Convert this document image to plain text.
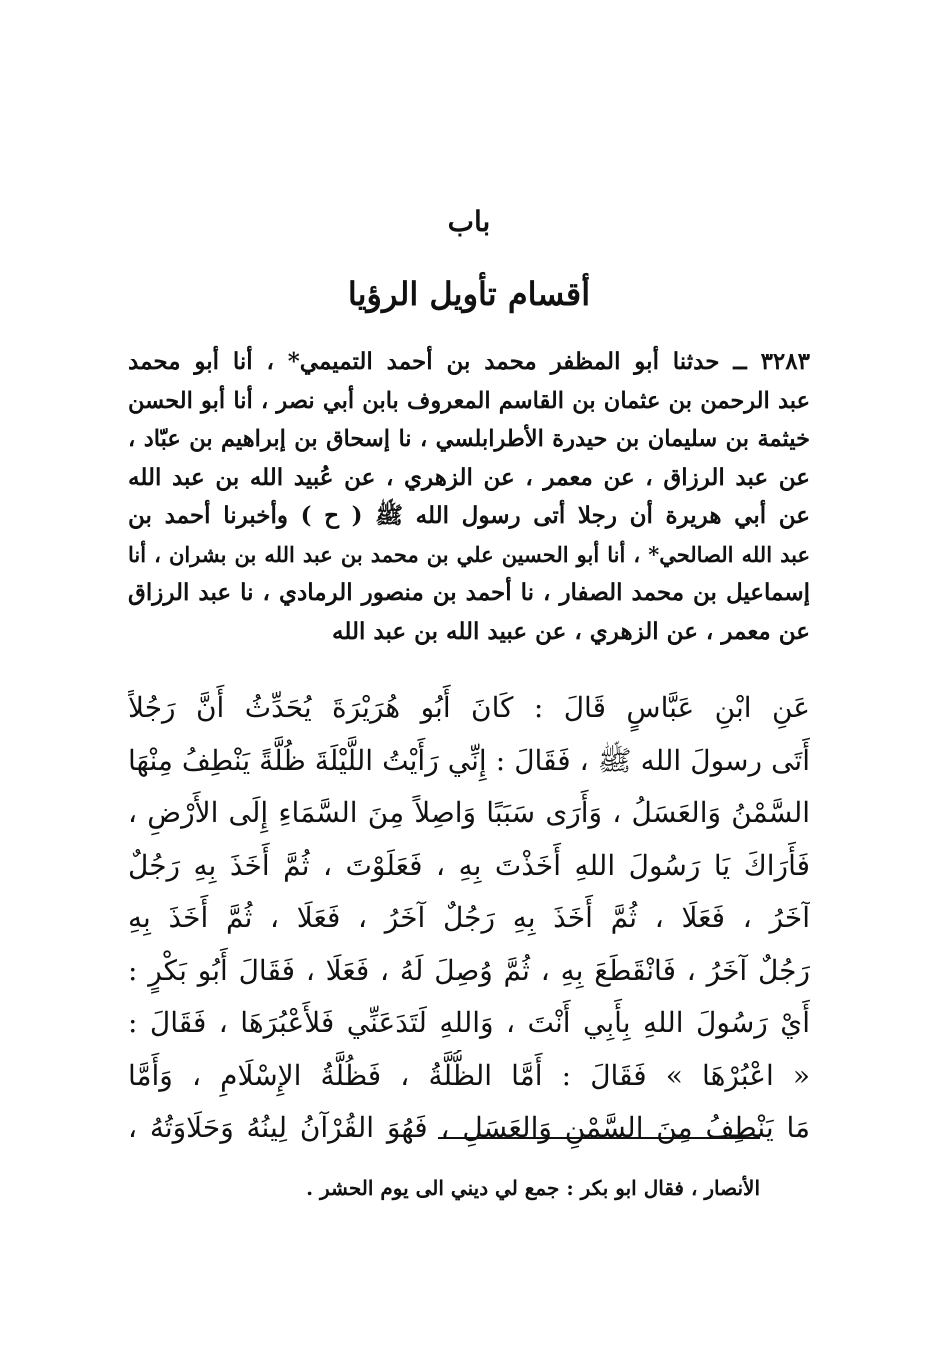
باب
أقسام تأويل الرؤيا
٣٢٨٣ ــ حدثنا أبو المظفر محمد بن أحمد التميمي* ، أنا أبو محمد
عبد الرحمن بن عثمان بن القاسم المعروف بابن أبي نصر ، أنا أبو الحسن
خيثمة بن سليمان بن حيدرة الأطرابلسي ، نا إسحاق بن إبراهيم بن عبّاد ،
عن عبد الرزاق ، عن معمر ، عن الزهري ، عن عُبيد الله بن عبد الله
عن أبي هريرة أن رجلا أتى رسول الله ﷺ ( ح ) وأخبرنا أحمد بن
عبد الله الصالحي* ، أنا أبو الحسين علي بن محمد بن عبد الله بن بشران ، أنا
إسماعيل بن محمد الصفار ، نا أحمد بن منصور الرمادي ، نا عبد الرزاق
عن معمر ، عن الزهري ، عن عبيد الله بن عبد الله
عَنِ ابْنِ عَبَّاسٍ قَالَ : كَانَ أَبُو هُرَيْرَةَ يُحَدِّثُ أَنَّ رَجُلاً
أَتَى رسولَ الله ﷺ ، فَقَالَ : إِنِّي رَأَيْتُ اللَّيْلَةَ ظُلَّةً يَنْطِفُ مِنْهَا
السَّمْنُ وَالعَسَلُ ، وَأَرَى سَبَبًا وَاصِلاً مِنَ السَّمَاءِ إِلَى الأَرْضِ ،
فَأَرَاكَ يَا رَسُولَ اللهِ أَخَذْتَ بِهِ ، فَعَلَوْتَ ، ثُمَّ أَخَذَ بِهِ رَجُلٌ
آخَرُ ، فَعَلَا ، ثُمَّ أَخَذَ بِهِ رَجُلٌ آخَرُ ، فَعَلَا ، ثُمَّ أَخَذَ بِهِ
رَجُلٌ آخَرُ ، فَانْقَطَعَ بِهِ ، ثُمَّ وُصِلَ لَهُ ، فَعَلَا ، فَقَالَ أَبُو بَكْرٍ :
أَيْ رَسُولَ اللهِ بِأَبِي أَنْتَ ، وَاللهِ لَتَدَعَنِّي فَلأَعْبُرَهَا ، فَقَالَ :
« اعْبُرْهَا » فَقَالَ : أَمَّا الظُّلَّةُ ، فَظُلَّةُ الإِسْلَامِ ، وَأَمَّا
مَا يَنْطِفُ مِنَ السَّمْنِ وَالعَسَلِ ، فَهُوَ القُرْآنُ لِينُهُ وَحَلَاوَتُهُ ،
الأنصار ، فقال ابو بكر : جمع لي ديني الى يوم الحشر .
